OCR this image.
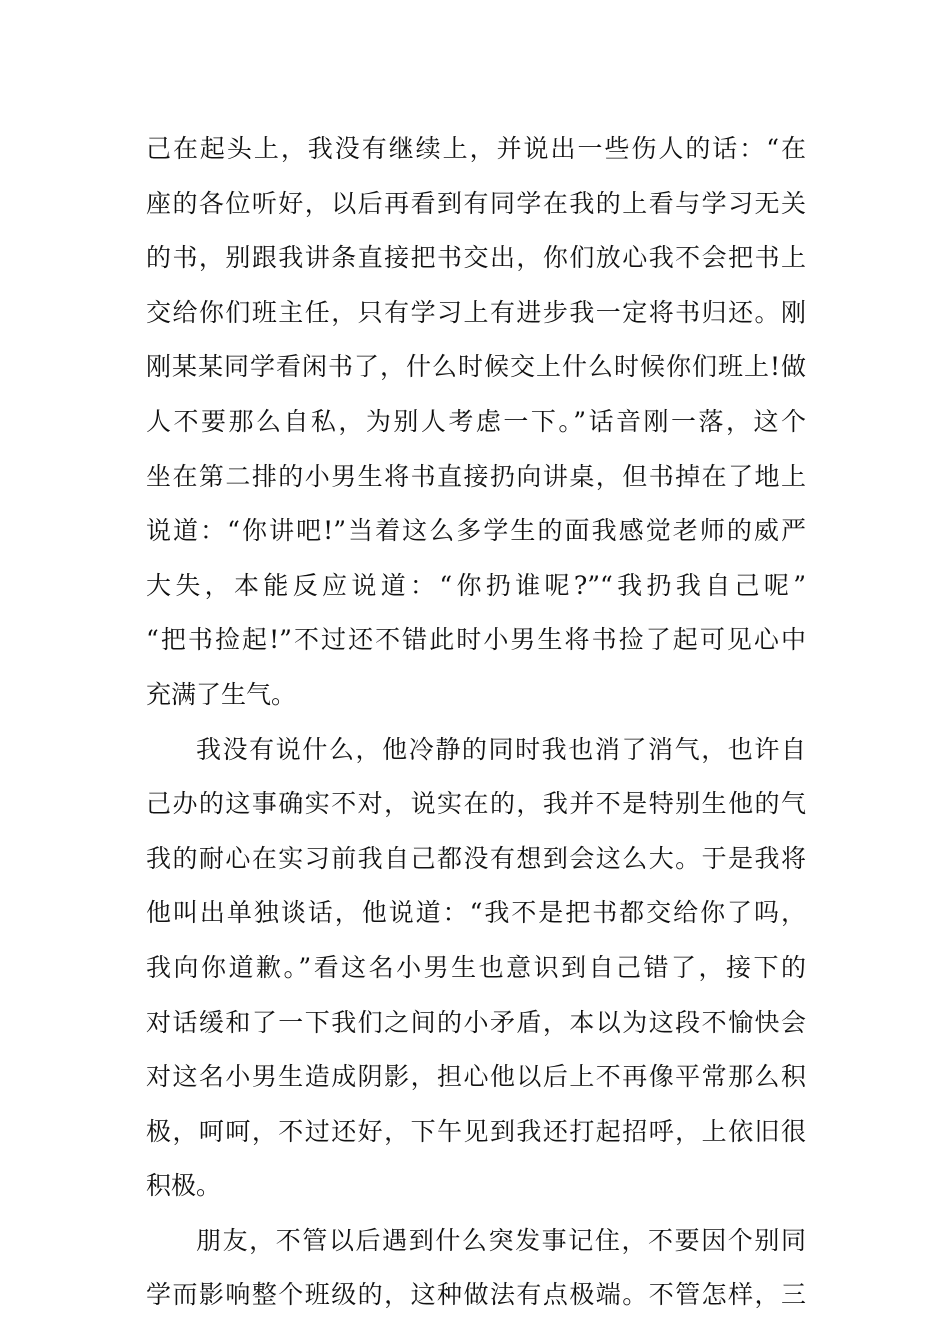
己在起头上，我没有继续上，并说出一些伤人的话：“在
座的各位听好，以后再看到有同学在我的上看与学习无关
的书，别跟我讲条直接把书交出，你们放心我不会把书上
交给你们班主任，只有学习上有进步我一定将书归还。刚
刚某某同学看闲书了，什么时候交上什么时候你们班上!做
人不要那么自私，为别人考虑一下。”话音刚一落，这个
坐在第二排的小男生将书直接扔向讲桌，但书掉在了地上
说道：“你讲吧!”当着这么多学生的面我感觉老师的威严
大失，本能反应说道：“你扔谁呢?”“我扔我自己呢”
“把书捡起!”不过还不错此时小男生将书捡了起可见心中
充满了生气。
我没有说什么，他冷静的同时我也消了消气，也许自
己办的这事确实不对，说实在的，我并不是特别生他的气
我的耐心在实习前我自己都没有想到会这么大。于是我将
他叫出单独谈话，他说道：“我不是把书都交给你了吗，
我向你道歉。”看这名小男生也意识到自己错了，接下的
对话缓和了一下我们之间的小矛盾，本以为这段不愉快会
对这名小男生造成阴影，担心他以后上不再像平常那么积
极，呵呵，不过还好，下午见到我还打起招呼，上依旧很
积极。
朋友，不管以后遇到什么突发事记住，不要因个别同
学而影响整个班级的，这种做法有点极端。不管怎样，三
